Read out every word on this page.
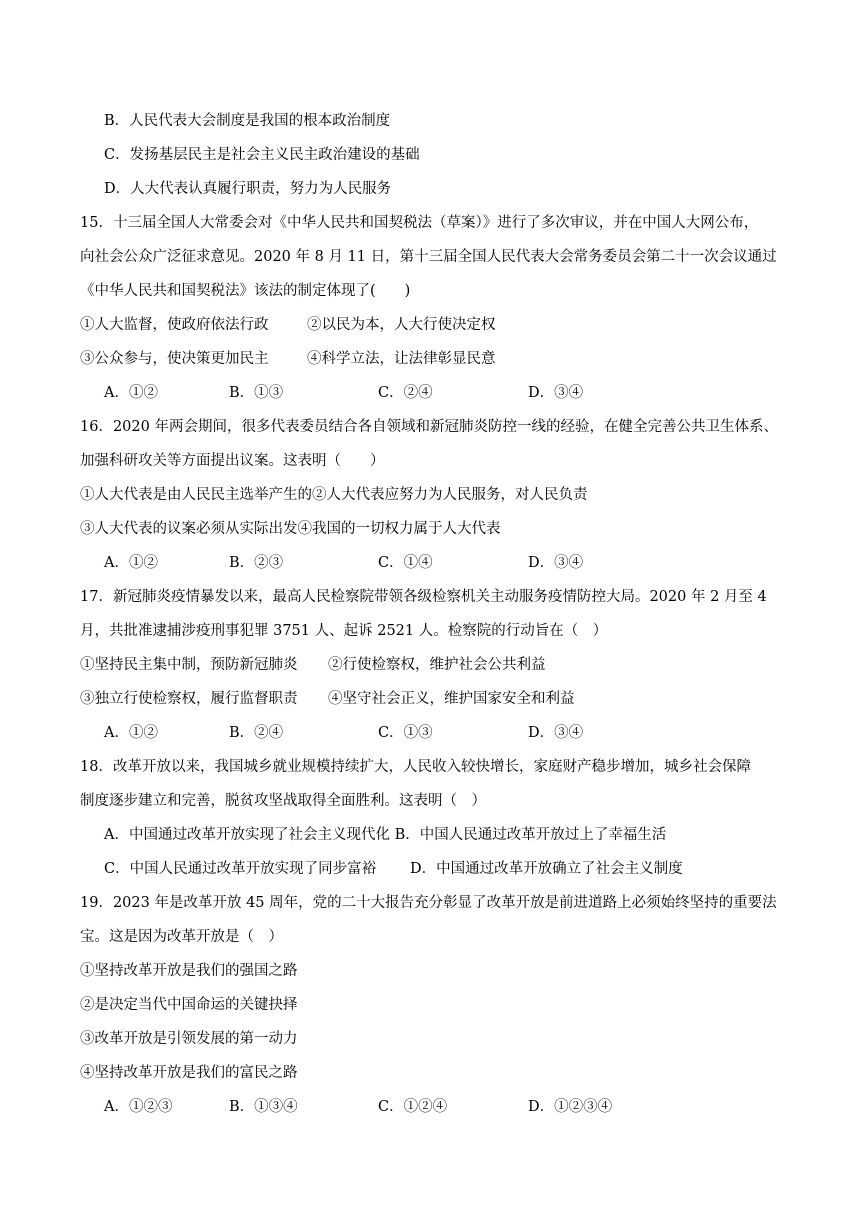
B．人民代表大会制度是我国的根本政治制度
C．发扬基层民主是社会主义民主政治建设的基础
D．人大代表认真履行职责，努力为人民服务
15．十三届全国人大常委会对《中华人民共和国契税法（草案）》进行了多次审议，并在中国人大网公布，
向社会公众广泛征求意见。2020 年 8 月 11 日，第十三届全国人民代表大会常务委员会第二十一次会议通过
《中华人民共和国契税法》该法的制定体现了(　　)
①人大监督，使政府依法行政	②以民为本，人大行使决定权
③公众参与，使决策更加民主	④科学立法，让法律彰显民意
A．①②	B．①③	C．②④	D．③④
16．2020 年两会期间，很多代表委员结合各自领域和新冠肺炎防控一线的经验，在健全完善公共卫生体系、
加强科研攻关等方面提出议案。这表明（　　）
①人大代表是由人民民主选举产生的②人大代表应努力为人民服务，对人民负责
③人大代表的议案必须从实际出发④我国的一切权力属于人大代表
A．①②	B．②③	C．①④	D．③④
17．新冠肺炎疫情暴发以来，最高人民检察院带领各级检察机关主动服务疫情防控大局。2020 年 2 月至 4
月，共批准逮捕涉疫刑事犯罪 3751 人、起诉 2521 人。检察院的行动旨在（　）
①坚持民主集中制，预防新冠肺炎 ②行使检察权，维护社会公共利益
③独立行使检察权，履行监督职责 ④坚守社会正义，维护国家安全和利益
A．①②	B．②④	C．①③	D．③④
18．改革开放以来，我国城乡就业规模持续扩大，人民收入较快增长，家庭财产稳步增加，城乡社会保障
制度逐步建立和完善，脱贫攻坚战取得全面胜利。这表明（　）
A．中国通过改革开放实现了社会主义现代化 B．中国人民通过改革开放过上了幸福生活
C．中国人民通过改革开放实现了同步富裕 D．中国通过改革开放确立了社会主义制度
19．2023 年是改革开放 45 周年，党的二十大报告充分彰显了改革开放是前进道路上必须始终坚持的重要法
宝。这是因为改革开放是（　）
①坚持改革开放是我们的强国之路
②是决定当代中国命运的关键抉择
③改革开放是引领发展的第一动力
④坚持改革开放是我们的富民之路
A．①②③	B．①③④	C．①②④	D．①②③④
